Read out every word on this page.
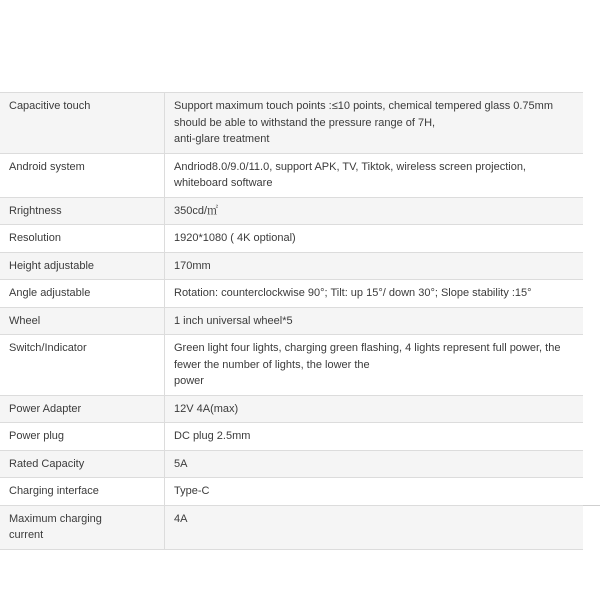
Capacitive touch	Support maximum touch points :≤10 points, chemical tempered glass 0.75mm
should be able to withstand the pressure range of 7H,
anti-glare treatment

Android system	Andriod8.0/9.0/11.0, support APK, TV, Tiktok, wireless screen projection,
whiteboard software

Rrightness	350cd/㎡

Resolution	1920*1080 ( 4K optional)

Height adjustable	170mm

Angle adjustable	Rotation: counterclockwise 90°; Tilt: up 15°/ down 30°; Slope stability :15°

Wheel	1 inch universal wheel*5

Switch/Indicator	Green light four lights, charging green flashing, 4 lights represent full power, the
fewer the number of lights, the lower the
power

Power Adapter	12V 4A(max)

Power plug	DC plug 2.5mm

Rated Capacity	5A

Charging interface	Type-C

Maximum charging
current	4A
